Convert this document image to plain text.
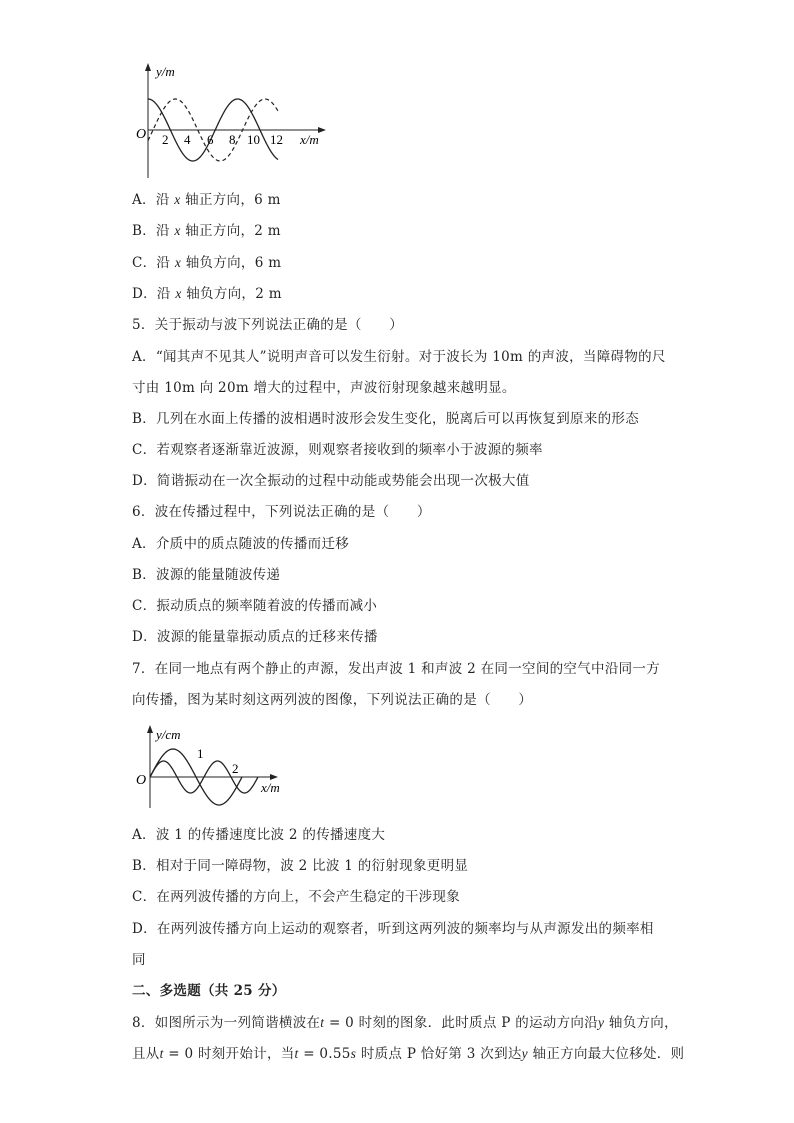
y/m
O	x/m
2 4 6 8 10 12
A．沿 x 轴正方向，6 m
B．沿 x 轴正方向，2 m
C．沿 x 轴负方向，6 m
D．沿 x 轴负方向，2 m
5．关于振动与波下列说法正确的是（　　）
A．“闻其声不见其人”说明声音可以发生衍射。对于波长为 10m 的声波，当障碍物的尺
寸由 10m 向 20m 增大的过程中，声波衍射现象越来越明显。
B．几列在水面上传播的波相遇时波形会发生变化，脱离后可以再恢复到原来的形态
C．若观察者逐渐靠近波源，则观察者接收到的频率小于波源的频率
D．简谐振动在一次全振动的过程中动能或势能会出现一次极大值
6．波在传播过程中，下列说法正确的是（　　）
A．介质中的质点随波的传播而迁移
B．波源的能量随波传递
C．振动质点的频率随着波的传播而减小
D．波源的能量靠振动质点的迁移来传播
7．在同一地点有两个静止的声源，发出声波 1 和声波 2 在同一空间的空气中沿同一方
向传播，图为某时刻这两列波的图像，下列说法正确的是（　　）
y/cm
O	x/m
1
2
A．波 1 的传播速度比波 2 的传播速度大
B．相对于同一障碍物，波 2 比波 1 的衍射现象更明显
C．在两列波传播的方向上，不会产生稳定的干涉现象
D．在两列波传播方向上运动的观察者，听到这两列波的频率均与从声源发出的频率相
同
二、多选题（共 25 分）
8．如图所示为一列简谐横波在t = 0 时刻的图象．此时质点 P 的运动方向沿y 轴负方向，
且从t = 0 时刻开始计，当t = 0.55s 时质点 P 恰好第 3 次到达y 轴正方向最大位移处．则
